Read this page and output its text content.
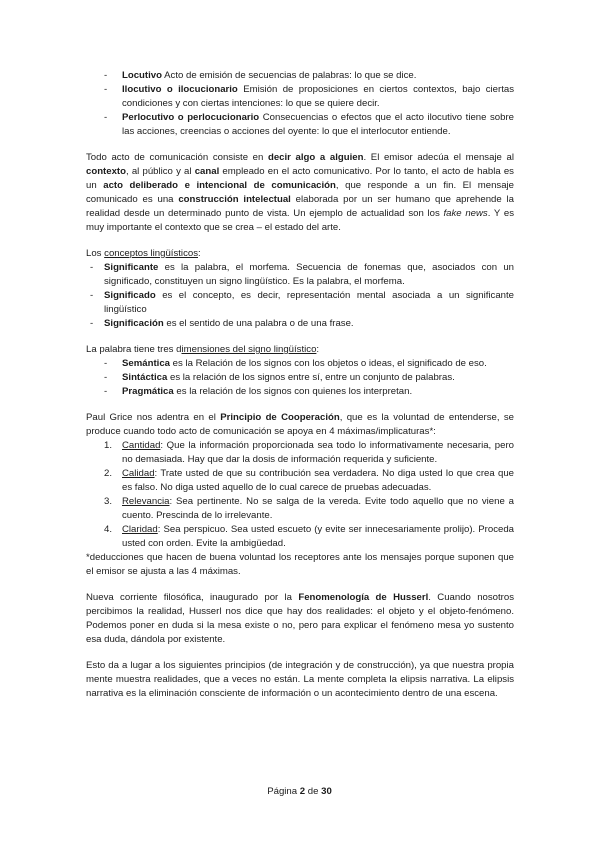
- Locutivo Acto de emisión de secuencias de palabras: lo que se dice.
- Ilocutivo o ilocucionario Emisión de proposiciones en ciertos contextos, bajo ciertas condiciones y con ciertas intenciones: lo que se quiere decir.
- Perlocutivo o perlocucionario Consecuencias o efectos que el acto ilocutivo tiene sobre las acciones, creencias o acciones del oyente: lo que el interlocutor entiende.

Todo acto de comunicación consiste en decir algo a alguien. El emisor adecúa el mensaje al contexto, al público y al canal empleado en el acto comunicativo. Por lo tanto, el acto de habla es un acto deliberado e intencional de comunicación, que responde a un fin. El mensaje comunicado es una construcción intelectual elaborada por un ser humano que aprehende la realidad desde un determinado punto de vista. Un ejemplo de actualidad son los fake news. Y es muy importante el contexto que se crea – el estado del arte.

Los conceptos lingüísticos:

- Significante es la palabra, el morfema. Secuencia de fonemas que, asociados con un significado, constituyen un signo lingüístico. Es la palabra, el morfema.
- Significado es el concepto, es decir, representación mental asociada a un significante lingüístico
- Significación es el sentido de una palabra o de una frase.

La palabra tiene tres dimensiones del signo lingüístico:

- Semántica es la Relación de los signos con los objetos o ideas, el significado de eso.
- Sintáctica es la relación de los signos entre sí, entre un conjunto de palabras.
- Pragmática es la relación de los signos con quienes los interpretan.

Paul Grice nos adentra en el Principio de Cooperación, que es la voluntad de entenderse, se produce cuando todo acto de comunicación se apoya en 4 máximas/implicaturas*:

1. Cantidad: Que la información proporcionada sea todo lo informativamente necesaria, pero no demasiada. Hay que dar la dosis de información requerida y suficiente.
2. Calidad: Trate usted de que su contribución sea verdadera. No diga usted lo que crea que es falso. No diga usted aquello de lo cual carece de pruebas adecuadas.
3. Relevancia: Sea pertinente. No se salga de la vereda. Evite todo aquello que no viene a cuento. Prescinda de lo irrelevante.
4. Claridad: Sea perspicuo. Sea usted escueto (y evite ser innecesariamente prolijo). Proceda usted con orden. Evite la ambigüedad.

*deducciones que hacen de buena voluntad los receptores ante los mensajes porque suponen que el emisor se ajusta a las 4 máximas.

Nueva corriente filosófica, inaugurado por la Fenomenología de Husserl. Cuando nosotros percibimos la realidad, Husserl nos dice que hay dos realidades: el objeto y el objeto-fenómeno. Podemos poner en duda si la mesa existe o no, pero para explicar el fenómeno mesa yo sustento esa duda, dándola por existente.

Esto da a lugar a los siguientes principios (de integración y de construcción), ya que nuestra propia mente muestra realidades, que a veces no están. La mente completa la elipsis narrativa. La elipsis narrativa es la eliminación consciente de información o un acontecimiento dentro de una escena.

Página 2 de 30
